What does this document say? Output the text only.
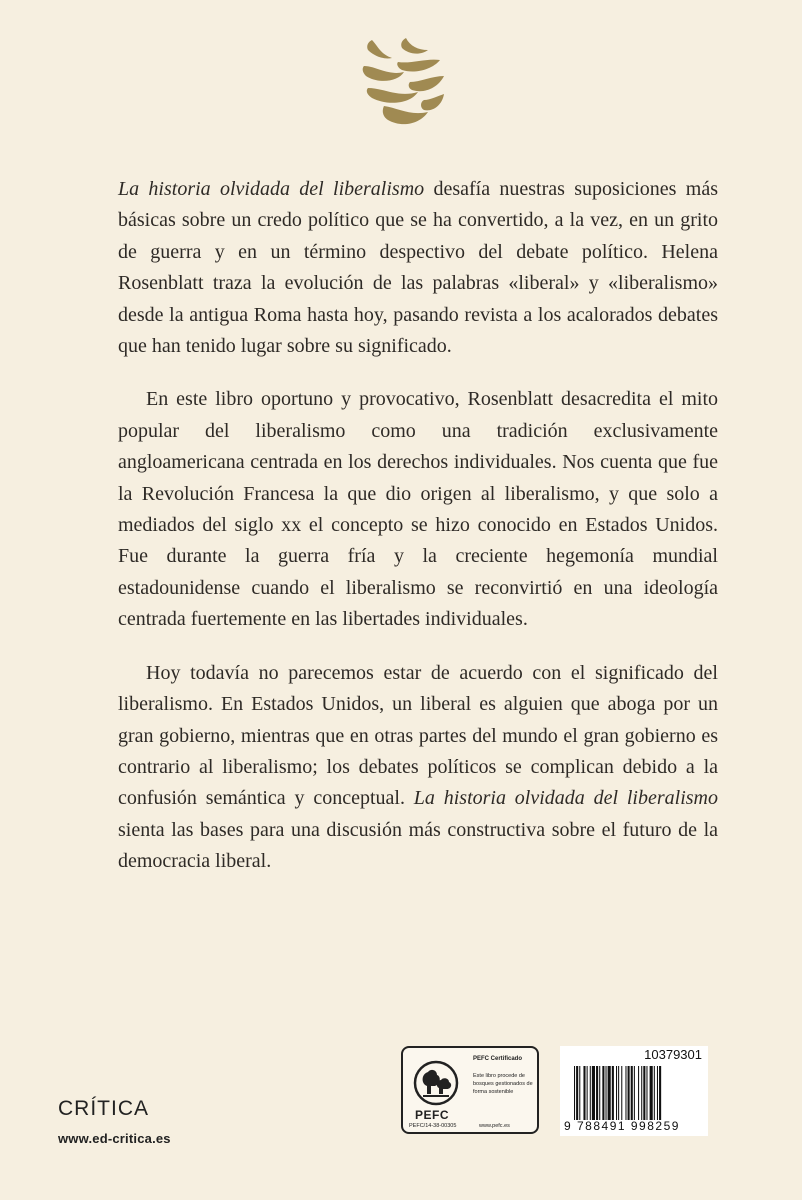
La historia olvidada del liberalismo desafía nuestras suposiciones más básicas sobre un credo político que se ha convertido, a la vez, en un grito de guerra y en un término despectivo del debate político. Helena Rosenblatt traza la evolución de las palabras «liberal» y «liberalismo» desde la antigua Roma hasta hoy, pasando revista a los acalorados debates que han tenido lugar sobre su significado.

En este libro oportuno y provocativo, Rosenblatt desacredita el mito popular del liberalismo como una tradición exclusivamente angloamericana centrada en los derechos individuales. Nos cuenta que fue la Revolución Francesa la que dio origen al liberalismo, y que solo a mediados del siglo xx el concepto se hizo conocido en Estados Unidos. Fue durante la guerra fría y la creciente hegemonía mundial estadounidense cuando el liberalismo se reconvirtió en una ideología centrada fuertemente en las libertades individuales.

Hoy todavía no parecemos estar de acuerdo con el significado del liberalismo. En Estados Unidos, un liberal es alguien que aboga por un gran gobierno, mientras que en otras partes del mundo el gran gobierno es contrario al liberalismo; los debates políticos se complican debido a la confusión semántica y conceptual. La historia olvidada del liberalismo sienta las bases para una discusión más constructiva sobre el futuro de la democracia liberal.

CRÍTICA
www.ed-critica.es
PEFC
PEFC/14-38-00305
PEFC Certificado
Este libro procede de bosques gestionados de forma sostenible
www.pefc.es
10379301
9 788491 998259
